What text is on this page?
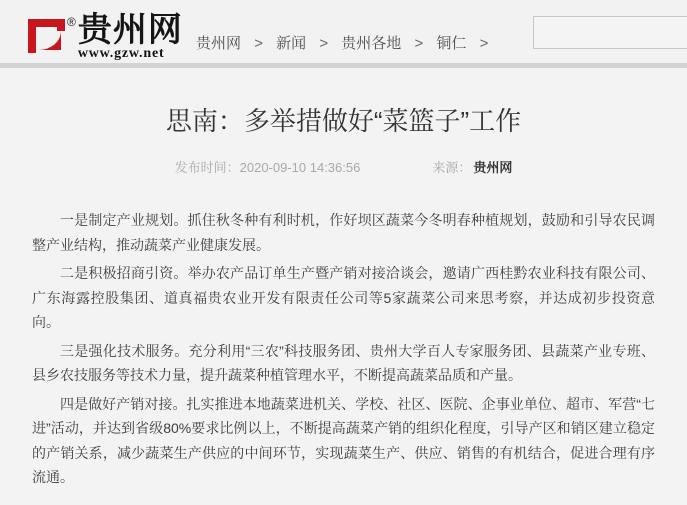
® 贵州网
www.gzw.net
贵州网 > 新闻 > 贵州各地 > 铜仁 >
思南：多举措做好“菜篮子”工作
发布时间：2020-09-10 14:36:56	来源： 贵州网

一是制定产业规划。抓住秋冬种有利时机，作好坝区蔬菜今冬明春种植规划，鼓励和引导农民调整产业结构，推动蔬菜产业健康发展。

二是积极招商引资。举办农产品订单生产暨产销对接洽谈会，邀请广西桂黔农业科技有限公司、广东海露控股集团、道真福贵农业开发有限责任公司等5家蔬菜公司来思考察，并达成初步投资意向。

三是强化技术服务。充分利用“三农”科技服务团、贵州大学百人专家服务团、县蔬菜产业专班、县乡农技服务等技术力量，提升蔬菜种植管理水平，不断提高蔬菜品质和产量。

四是做好产销对接。扎实推进本地蔬菜进机关、学校、社区、医院、企事业单位、超市、军营“七进”活动，并达到省级80%要求比例以上，不断提高蔬菜产销的组织化程度，引导产区和销区建立稳定的产销关系，减少蔬菜生产供应的中间环节，实现蔬菜生产、供应、销售的有机结合，促进合理有序流通。
